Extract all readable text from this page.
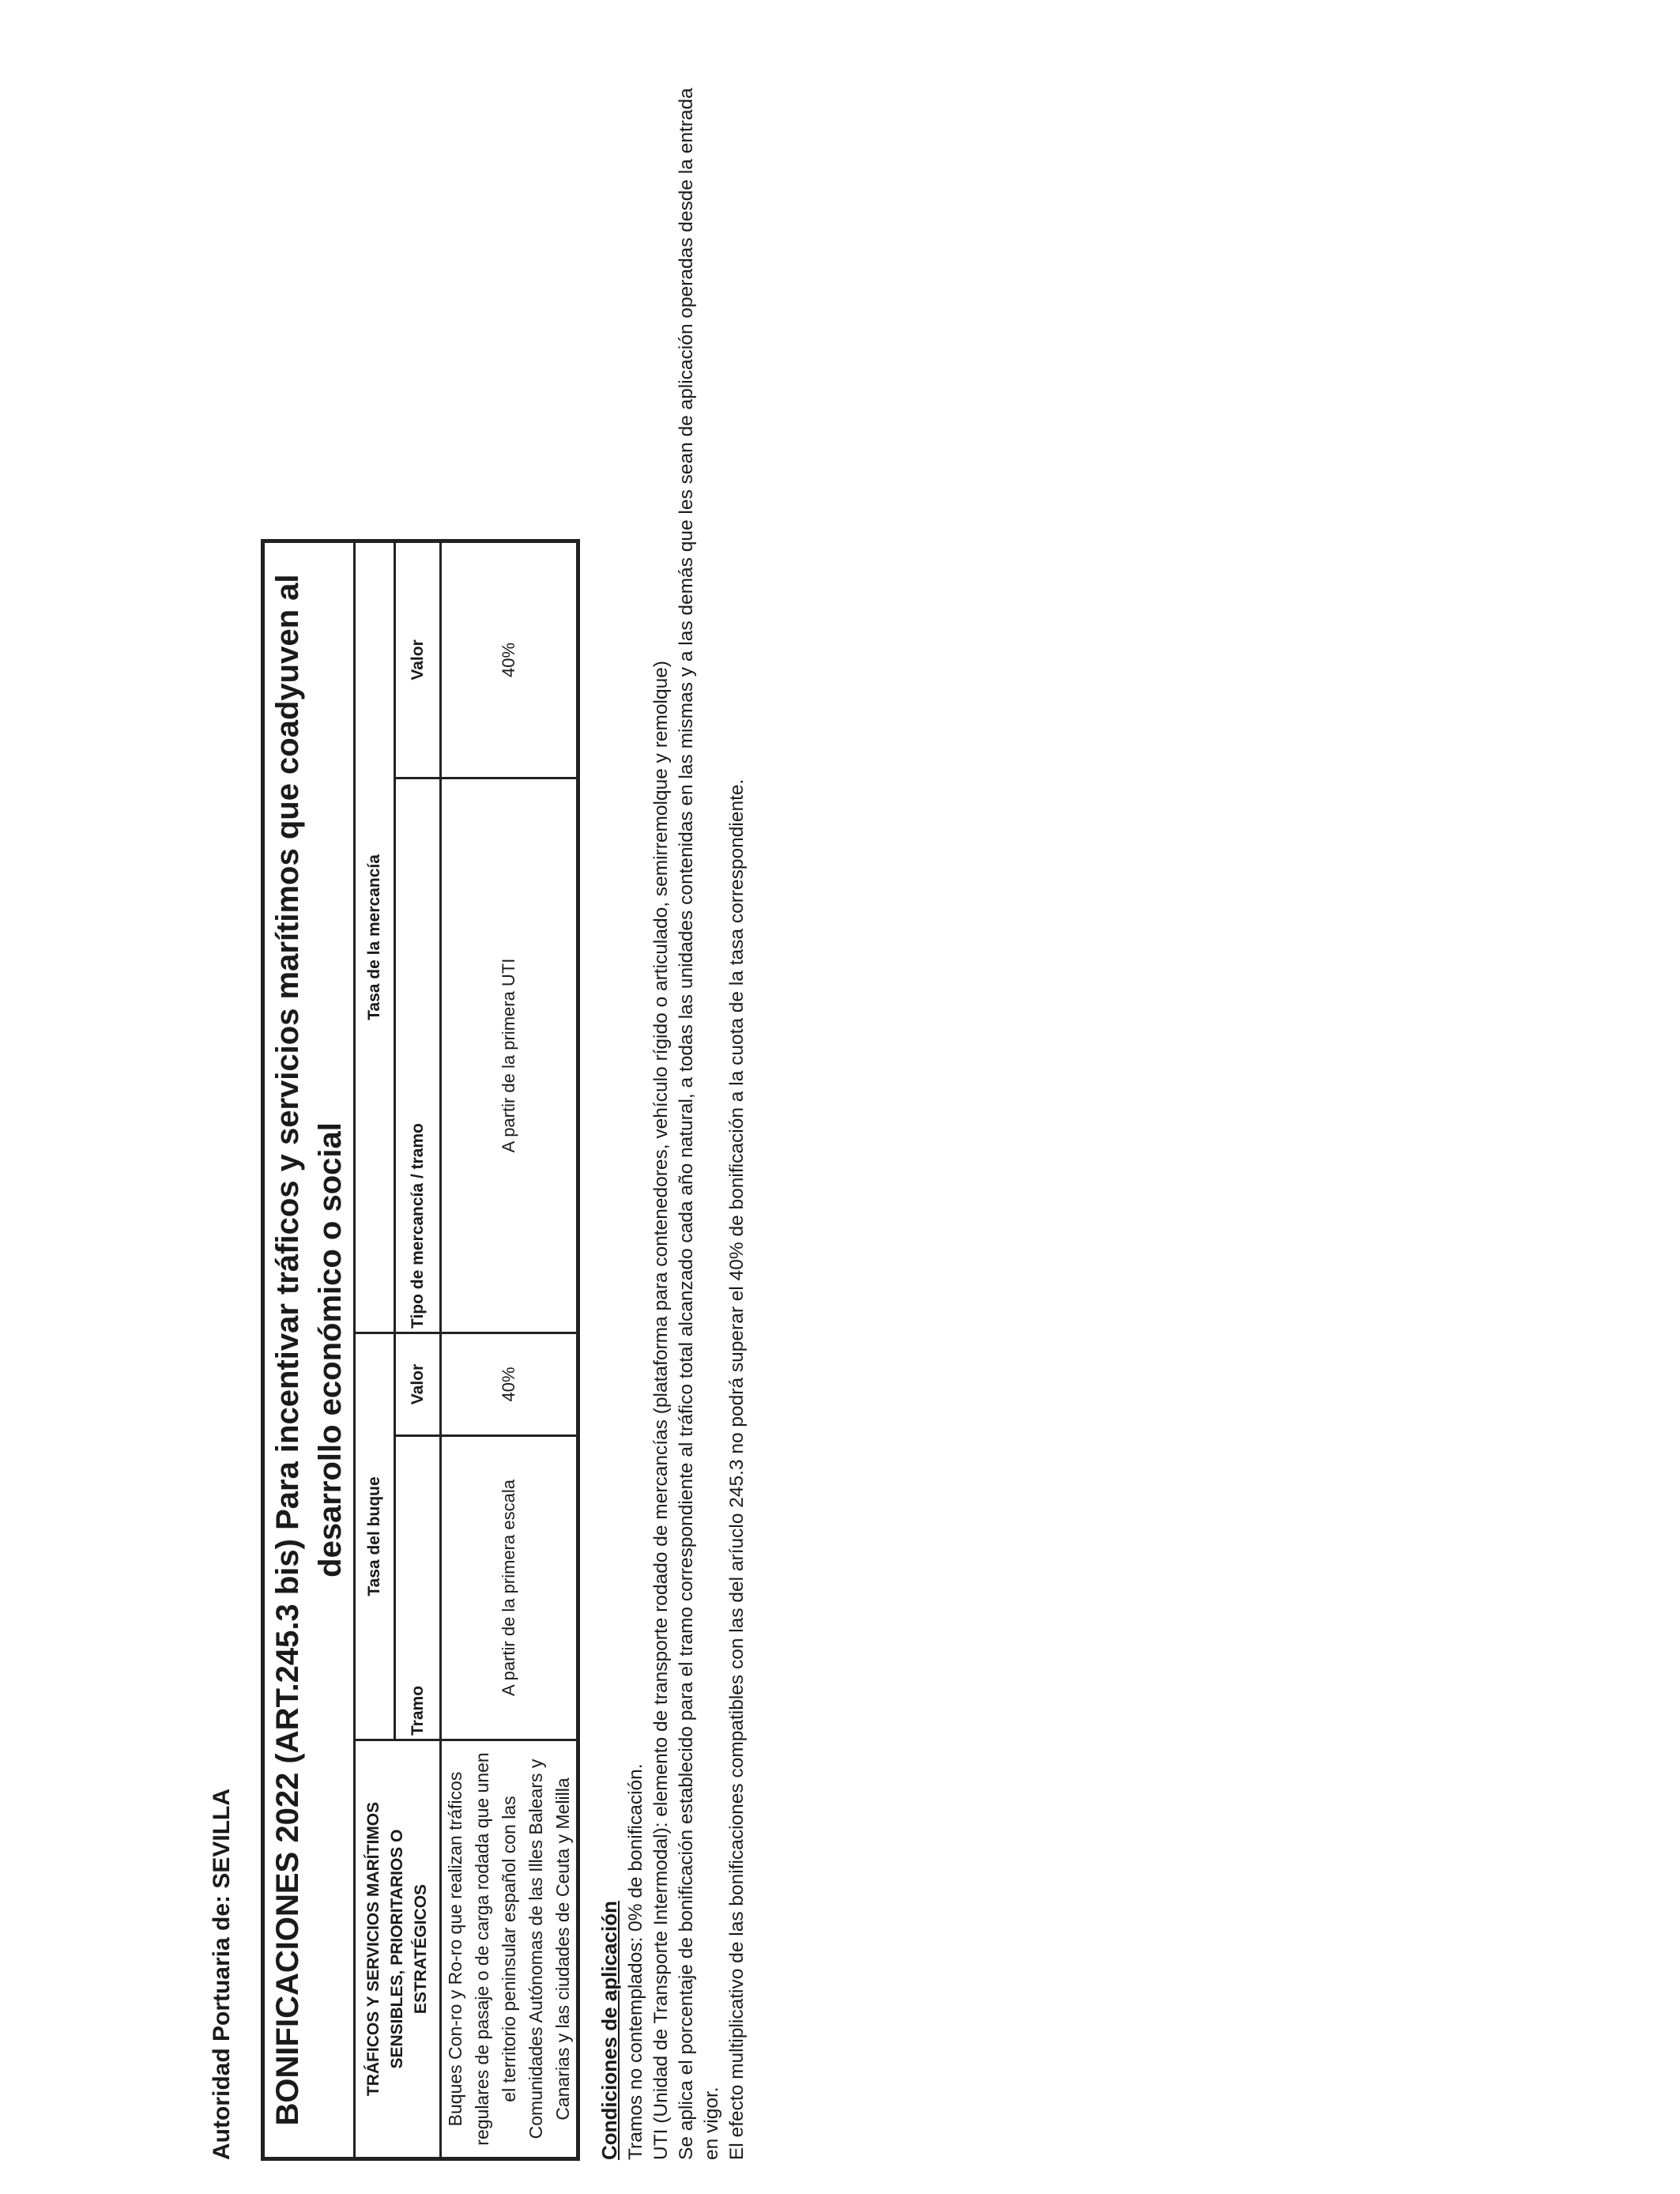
Autoridad Portuaria de: SEVILLA BONIFICACIONES 2022 (ART.245.3 bis) Para incentivar tráficos y servicios marítimos que coadyuven al desarrollo económico o social				
TRÁFICOS Y SERVICIOS MARÍTIMOS SENSIBLES, PRIORITARIOS O ESTRATÉGICOS	Tasa del buque		Tasa de la mercancía	
	Tramo	Valor	Tipo de mercancía / tramo	Valor
Buques Con-ro y Ro-ro que realizan tráficos regulares de pasaje o de carga rodada que unen el territorio peninsular español con las Comunidades Autónomas de las Illes Balears y Canarias y las ciudades de Ceuta y Melilla	A partir de la primera escala	40%	A partir de la primera UTI	40%
Condiciones de aplicación Tramos no contemplados: 0% de bonificación. UTI (Unidad de Transporte Intermodal): elemento de transporte rodado de mercancías (plataforma para contenedores, vehículo rígido o articulado, semirremolque y remolque) Se aplica el porcentaje de bonificación establecido para el tramo correspondiente al tráfico total alcanzado cada año natural, a todas las unidades contenidas en las mismas y a las demás que les sean de aplicación operadas desde la entrada en vigor. El efecto multiplicativo de las bonificaciones compatibles con las del aríuclo 245.3 no podrá superar el 40% de bonificación a la cuota de la tasa correspondiente.
